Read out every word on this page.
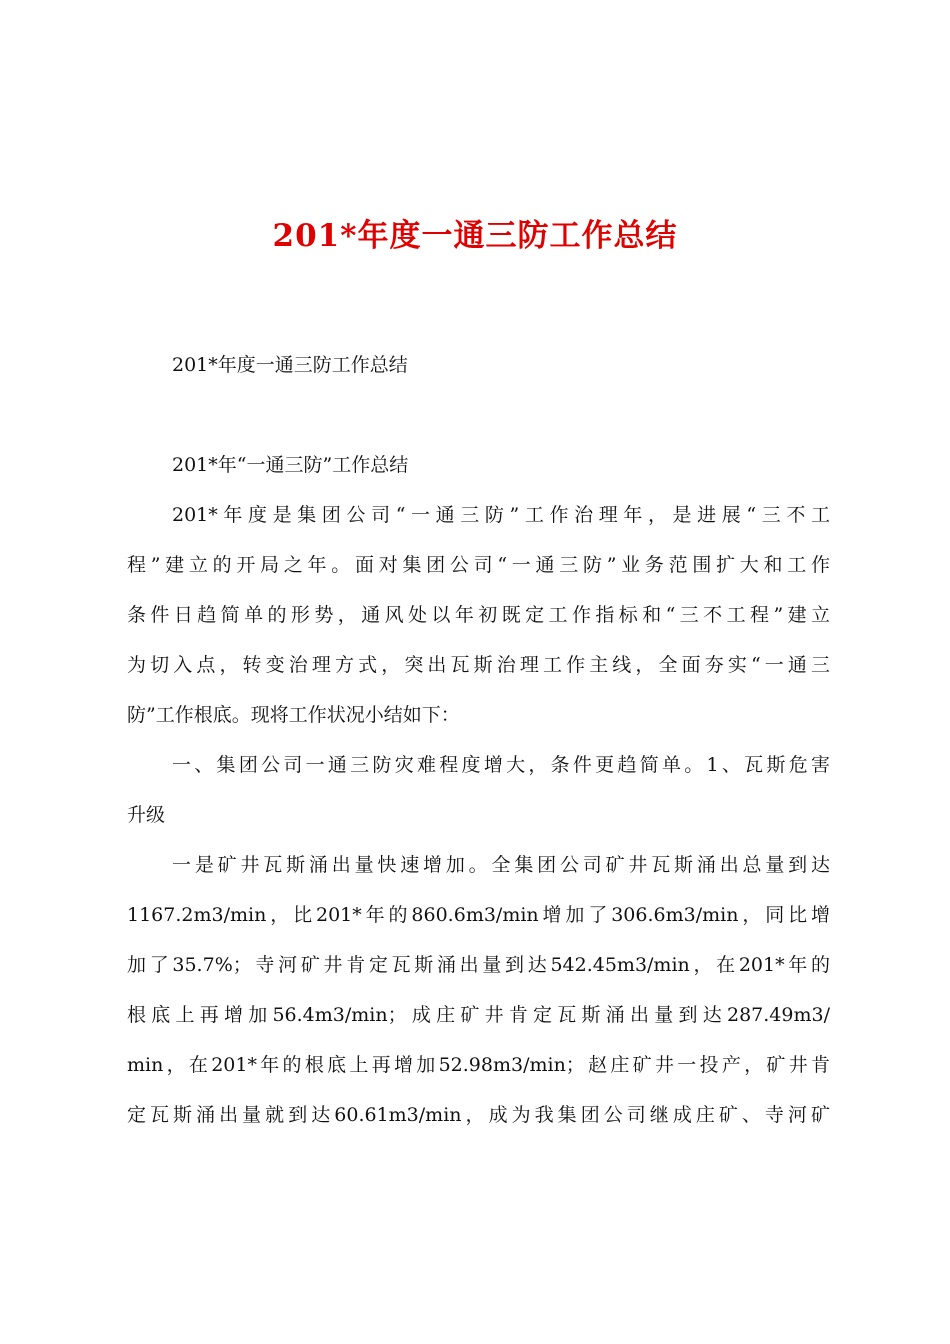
201*年度一通三防工作总结
201*年度一通三防工作总结
201*年“一通三防”工作总结
201*年度是集团公司“一通三防”工作治理年，是进展“三不工
程”建立的开局之年。面对集团公司“一通三防”业务范围扩大和工作
条件日趋简单的形势，通风处以年初既定工作指标和“三不工程”建立
为切入点，转变治理方式，突出瓦斯治理工作主线，全面夯实“一通三
防”工作根底。现将工作状况小结如下：
一、集团公司一通三防灾难程度增大，条件更趋简单。1、瓦斯危害
升级
一是矿井瓦斯涌出量快速增加。全集团公司矿井瓦斯涌出总量到达
1167.2m3/min，比201*年的860.6m3/min增加了306.6m3/min，同比增
加了35.7%；寺河矿井肯定瓦斯涌出量到达542.45m3/min，在201*年的
根底上再增加56.4m3/min；成庄矿井肯定瓦斯涌出量到达287.49m3/
min，在201*年的根底上再增加52.98m3/min；赵庄矿井一投产，矿井肯
定瓦斯涌出量就到达60.61m3/min，成为我集团公司继成庄矿、寺河矿
